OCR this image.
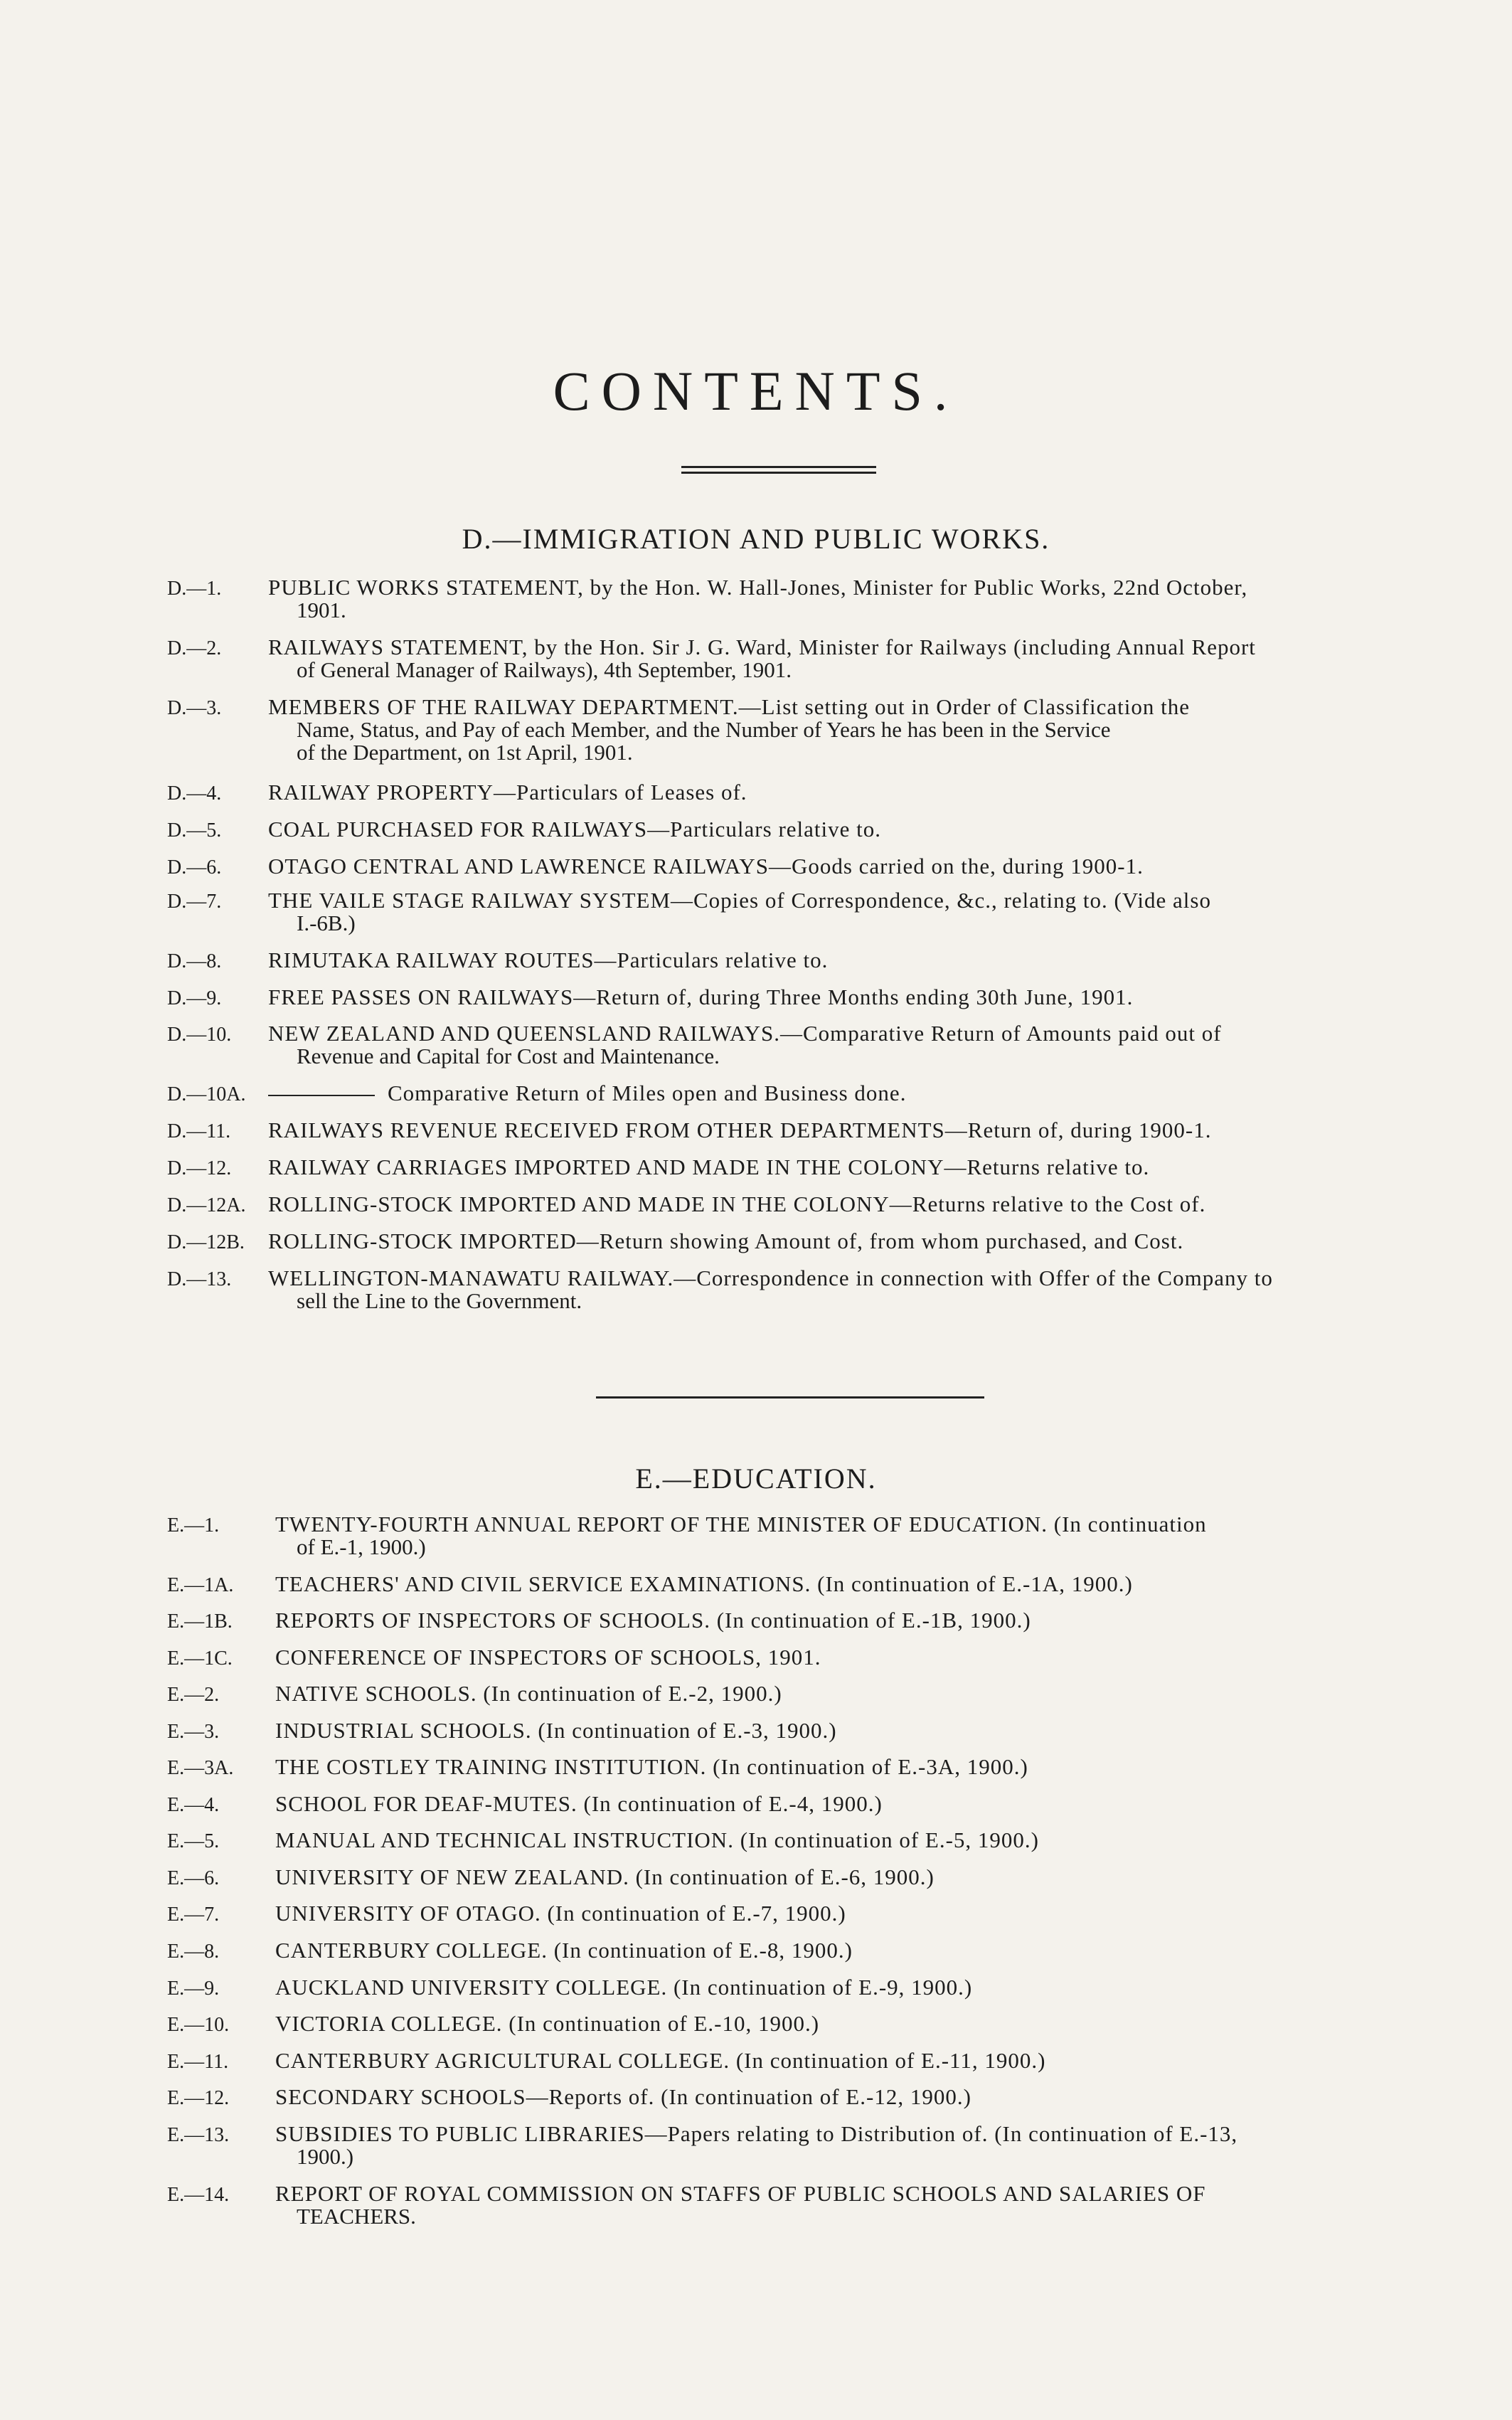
CONTENTS.
D.—IMMIGRATION AND PUBLIC WORKS.
D.—1.	PUBLIC WORKS STATEMENT, by the Hon. W. Hall-Jones, Minister for Public Works, 22nd October,
1901.
D.—2.	RAILWAYS STATEMENT, by the Hon. Sir J. G. Ward, Minister for Railways (including Annual Report
of General Manager of Railways), 4th September, 1901.
D.—3.	MEMBERS OF THE RAILWAY DEPARTMENT.—List setting out in Order of Classification the
Name, Status, and Pay of each Member, and the Number of Years he has been in the Service
of the Department, on 1st April, 1901.
D.—4.	RAILWAY PROPERTY—Particulars of Leases of.
D.—5.	COAL PURCHASED FOR RAILWAYS—Particulars relative to.
D.—6.	OTAGO CENTRAL AND LAWRENCE RAILWAYS—Goods carried on the, during 1900-1.
D.—7.	THE VAILE STAGE RAILWAY SYSTEM—Copies of Correspondence, &c., relating to. (Vide also
I.-6B.)
D.—8.	RIMUTAKA RAILWAY ROUTES—Particulars relative to.
D.—9.	FREE PASSES ON RAILWAYS—Return of, during Three Months ending 30th June, 1901.
D.—10.	NEW ZEALAND AND QUEENSLAND RAILWAYS.—Comparative Return of Amounts paid out of
Revenue and Capital for Cost and Maintenance.
D.—10A.	Comparative Return of Miles open and Business done.
D.—11.	RAILWAYS REVENUE RECEIVED FROM OTHER DEPARTMENTS—Return of, during 1900-1.
D.—12.	RAILWAY CARRIAGES IMPORTED AND MADE IN THE COLONY—Returns relative to.
D.—12A.	ROLLING-STOCK IMPORTED AND MADE IN THE COLONY—Returns relative to the Cost of.
D.—12B.	ROLLING-STOCK IMPORTED—Return showing Amount of, from whom purchased, and Cost.
D.—13.	WELLINGTON-MANAWATU RAILWAY.—Correspondence in connection with Offer of the Company to
sell the Line to the Government.
E.—EDUCATION.
E.—1.	TWENTY-FOURTH ANNUAL REPORT OF THE MINISTER OF EDUCATION. (In continuation
of E.-1, 1900.)
E.—1A.	TEACHERS' AND CIVIL SERVICE EXAMINATIONS. (In continuation of E.-1A, 1900.)
E.—1B.	REPORTS OF INSPECTORS OF SCHOOLS. (In continuation of E.-1B, 1900.)
E.—1C.	CONFERENCE OF INSPECTORS OF SCHOOLS, 1901.
E.—2.	NATIVE SCHOOLS. (In continuation of E.-2, 1900.)
E.—3.	INDUSTRIAL SCHOOLS. (In continuation of E.-3, 1900.)
E.—3A.	THE COSTLEY TRAINING INSTITUTION. (In continuation of E.-3A, 1900.)
E.—4.	SCHOOL FOR DEAF-MUTES. (In continuation of E.-4, 1900.)
E.—5.	MANUAL AND TECHNICAL INSTRUCTION. (In continuation of E.-5, 1900.)
E.—6.	UNIVERSITY OF NEW ZEALAND. (In continuation of E.-6, 1900.)
E.—7.	UNIVERSITY OF OTAGO. (In continuation of E.-7, 1900.)
E.—8.	CANTERBURY COLLEGE. (In continuation of E.-8, 1900.)
E.—9.	AUCKLAND UNIVERSITY COLLEGE. (In continuation of E.-9, 1900.)
E.—10.	VICTORIA COLLEGE. (In continuation of E.-10, 1900.)
E.—11.	CANTERBURY AGRICULTURAL COLLEGE. (In continuation of E.-11, 1900.)
E.—12.	SECONDARY SCHOOLS—Reports of. (In continuation of E.-12, 1900.)
E.—13.	SUBSIDIES TO PUBLIC LIBRARIES—Papers relating to Distribution of. (In continuation of E.-13,
1900.)
E.—14.	REPORT OF ROYAL COMMISSION ON STAFFS OF PUBLIC SCHOOLS AND SALARIES OF
TEACHERS.
